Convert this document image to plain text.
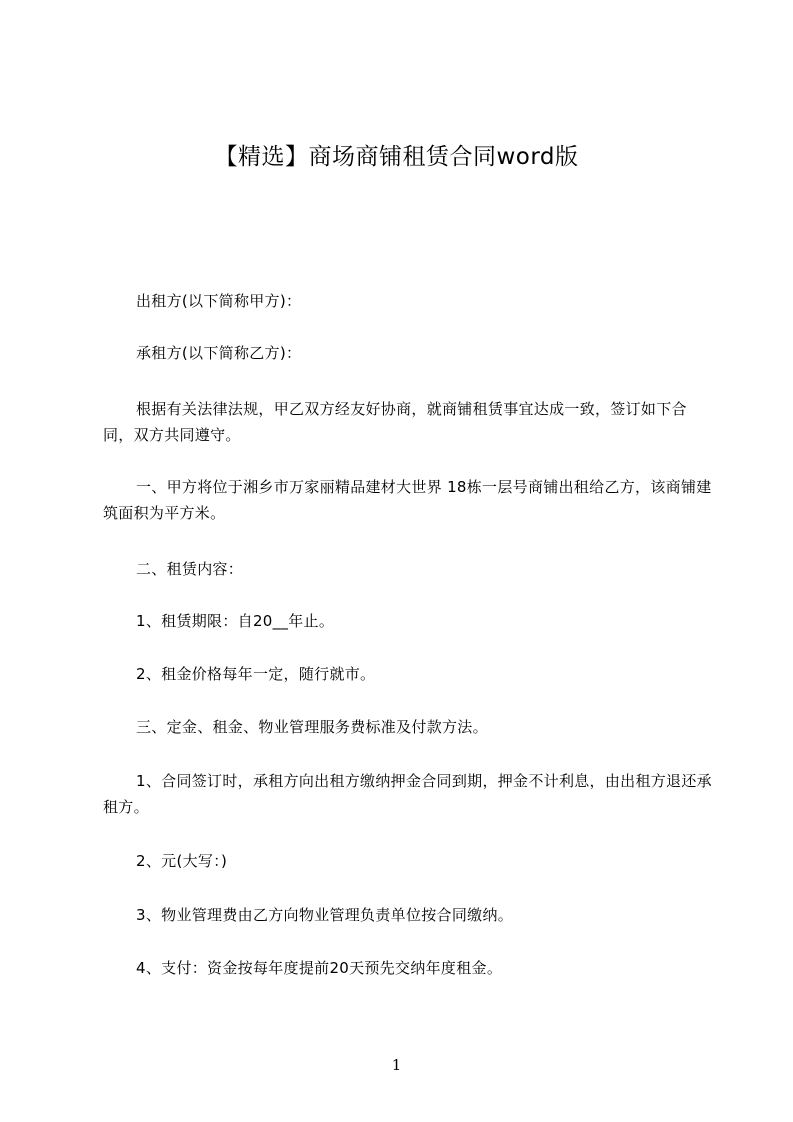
【精选】商场商铺租赁合同word版

出租方(以下简称甲方)：

承租方(以下简称乙方)：

根据有关法律法规，甲乙双方经友好协商，就商铺租赁事宜达成一致，签订如下合同，双方共同遵守。

一、甲方将位于湘乡市万家丽精品建材大世界 18栋一层号商铺出租给乙方，该商铺建筑面积为平方米。

二、租赁内容：

1、租赁期限：自20__年止。

2、租金价格每年一定，随行就市。

三、定金、租金、物业管理服务费标准及付款方法。

1、合同签订时，承租方向出租方缴纳押金合同到期，押金不计利息，由出租方退还承租方。

2、元(大写：)

3、物业管理费由乙方向物业管理负责单位按合同缴纳。

4、支付：资金按每年度提前20天预先交纳年度租金。

1
